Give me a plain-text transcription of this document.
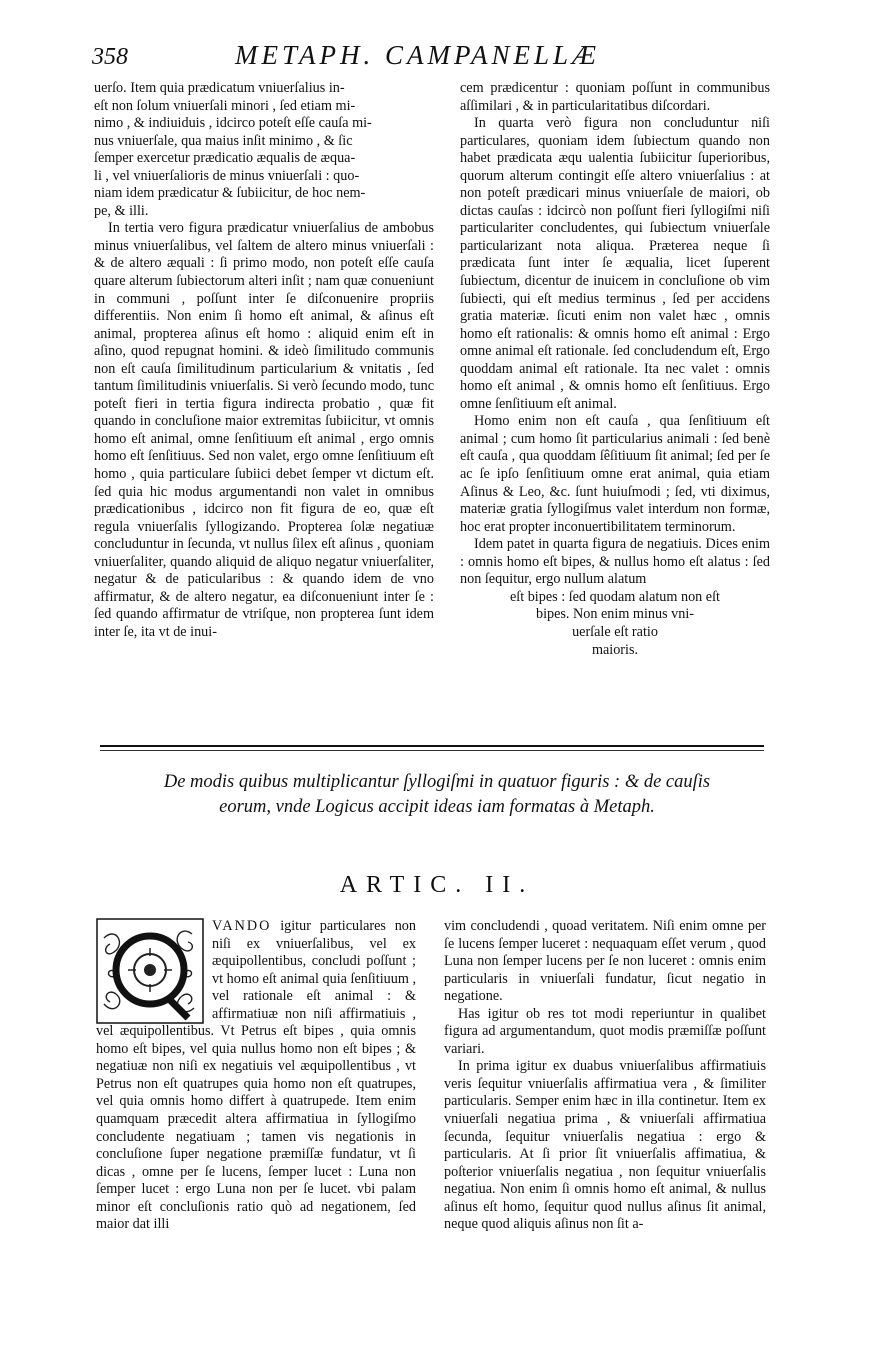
358	METAPH. CAMPANELLÆ
uerſo. Item quia prædicatum vniuerſalius in-
eſt non ſolum vniuerſali minori , ſed etiam mi-
nimo , & indiuiduis , idcirco poteſt eſſe cauſa mi-
nus vniuerſale, qua maius inſit minimo , & ſic
ſemper exercetur prædicatio æqualis de æqua-
li , vel vniuerſalioris de minus vniuerſali : quo-
niam idem prædicatur & ſubiicitur, de hoc nem-
pe, & illi.

In tertia vero figura prædicatur vniuerſalius de ambobus minus vniuerſalibus, vel ſaltem de altero minus vniuerſali : & de altero æquali : ſi primo modo, non poteſt eſſe cauſa quare alterum ſubiectorum alteri inſit ; nam quæ conueniunt in communi , poſſunt inter ſe diſconuenire propriis differentiis. Non enim ſi homo eſt animal, & aſinus eſt animal, propterea aſinus eſt homo : aliquid enim eſt in aſino, quod repugnat homini. & ideò ſimilitudo communis non eſt cauſa ſimilitudinum particularium & vnitatis , ſed tantum ſimilitudinis vniuerſalis. Si verò ſecundo modo, tunc poteſt fieri in tertia figura indirecta probatio , quæ fit quando in concluſione maior extremitas ſubiicitur, vt omnis homo eſt animal, omne ſenſitiuum eſt animal , ergo omnis homo eſt ſenſitiuus. Sed non valet, ergo omne ſenſitiuum eſt homo , quia particulare ſubiici debet ſemper vt dictum eſt. ſed quia hic modus argumentandi non valet in omnibus prædicationibus , idcirco non fit figura de eo, quæ eſt regula vniuerſalis ſyllogizando. Propterea ſolæ negatiuæ concluduntur in ſecunda, vt nullus ſilex eſt aſinus , quoniam vniuerſaliter, quando aliquid de aliquo negatur vniuerſaliter, negatur & de paticularibus : & quando idem de vno affirmatur, & de altero negatur, ea diſconueniunt inter ſe : ſed quando affirmatur de vtriſque, non propterea ſunt idem inter ſe, ita vt de inui-

cem prædicentur : quoniam poſſunt in communibus aſſimilari , & in particularitatibus diſcordari.

In quarta verò figura non concluduntur niſi particulares, quoniam idem ſubiectum quando non habet prædicata æqu ualentia ſubiicitur ſuperioribus, quorum alterum contingit eſſe altero vniuerſalius : at non poteſt prædicari minus vniuerſale de maiori, ob dictas cauſas : idcircò non poſſunt fieri ſyllogiſmi niſi particulariter concludentes, qui ſubiectum vniuerſale particularizant nota aliqua. Præterea neque ſi prædicata ſunt inter ſe æqualia, licet ſuperent ſubiectum, dicentur de inuicem in concluſione ob vim ſubiecti, qui eſt medius terminus , ſed per accidens gratia materiæ. ſicuti enim non valet hæc , omnis homo eſt rationalis: & omnis homo eſt animal : Ergo omne animal eſt rationale. ſed concludendum eſt, Ergo quoddam animal eſt rationale. Ita nec valet : omnis homo eſt animal , & omnis homo eſt ſenſitiuus. Ergo omne ſenſitiuum eſt animal.

Homo enim non eſt cauſa , qua ſenſitiuum eſt animal ; cum homo ſit particularius animali : ſed benè eſt cauſa , qua quoddam ſêſitiuum ſit animal; ſed per ſe ac ſe ipſo ſenſitiuum omne erat animal, quia etiam Aſinus & Leo, &c. ſunt huiuſmodi ; ſed, vti diximus, materiæ gratia ſyllogiſmus valet interdum non formæ, hoc erat propter inconuertibilitatem terminorum.

Idem patet in quarta figura de negatiuis. Dices enim : omnis homo eſt bipes, & nullus homo eſt alatus : ſed non ſequitur, ergo nullum alatum

eſt bipes : ſed quodam alatum non eſt
bipes. Non enim minus vni-
uerſale eſt ratio
maioris.
De modis quibus multiplicantur ſyllogiſmi in quatuor figuris : & de cauſis eorum, vnde Logicus accipit ideas iam formatas à Metaph.
ARTIC. II.
Q

VANDO igitur particulares non niſi ex vniuerſalibus, vel ex æquipollentibus, concludi poſſunt ; vt homo eſt animal quia ſenſitiuum , vel rationale eſt animal : & affirmatiuæ non niſi affirmatiuis , vel æquipollentibus. Vt Petrus eſt bipes , quia omnis homo eſt bipes, vel quia nullus homo non eſt bipes ; & negatiuæ non niſi ex negatiuis vel æquipollentibus , vt Petrus non eſt quatrupes quia homo non eſt quatrupes, vel quia omnis homo differt à quatrupede. Item enim quamquam præcedit altera affirmatiua in ſyllogiſmo concludente negatiuam ; tamen vis negationis in concluſione ſuper negatione præmiſſæ fundatur, vt ſi dicas , omne per ſe lucens, ſemper lucet : Luna non ſemper lucet : ergo Luna non per ſe lucet. vbi palam minor eſt concluſionis ratio quò ad negationem, ſed maior dat illi

vim concludendi , quoad veritatem. Niſi enim omne per ſe lucens ſemper luceret : nequaquam eſſet verum , quod Luna non ſemper lucens per ſe non luceret : omnis enim particularis in vniuerſali fundatur, ſicut negatio in negatione.

Has igitur ob res tot modi reperiuntur in qualibet figura ad argumentandum, quot modis præmiſſæ poſſunt variari.

In prima igitur ex duabus vniuerſalibus affirmatiuis veris ſequitur vniuerſalis affirmatiua vera , & ſimiliter particularis. Semper enim hæc in illa continetur. Item ex vniuerſali negatiua prima , & vniuerſali affirmatiua ſecunda, ſequitur vniuerſalis negatiua : ergo & particularis. At ſi prior ſit vniuerſalis affimatiua, & poſterior vniuerſalis negatiua , non ſequitur vniuerſalis negatiua. Non enim ſi omnis homo eſt animal, & nullus aſinus eſt homo, ſequitur quod nullus aſinus ſit animal, neque quod aliquis aſinus non ſit a-
